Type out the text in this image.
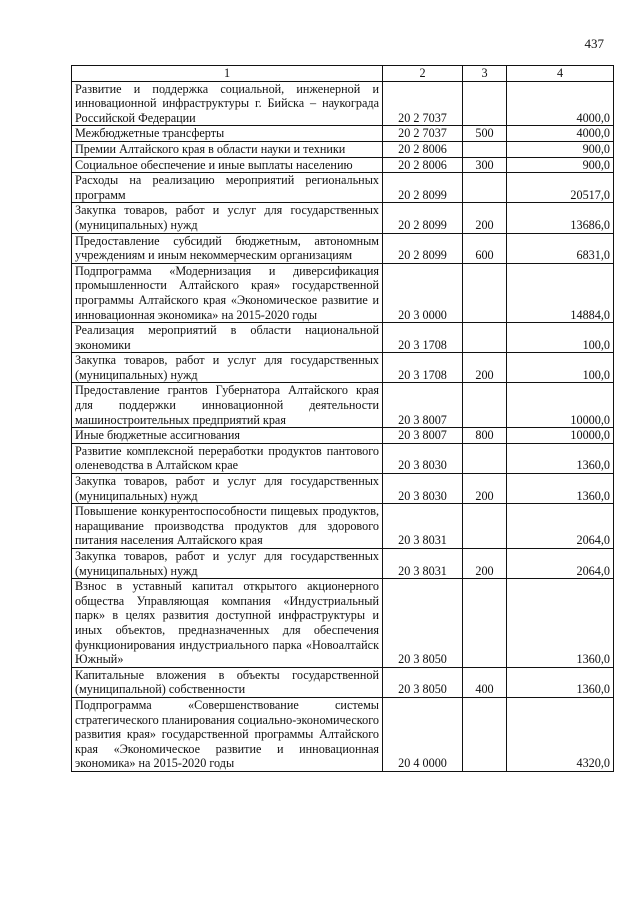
437
1	2	3	4
Развитие и поддержка социальной, инженерной и инновационной инфраструктуры г. Бийска – наукограда Российской Федерации	20 2 7037		4000,0
Межбюджетные трансферты	20 2 7037	500	4000,0
Премии Алтайского края в области науки и техники	20 2 8006		900,0
Социальное обеспечение и иные выплаты населению	20 2 8006	300	900,0
Расходы на реализацию мероприятий региональных программ	20 2 8099		20517,0
Закупка товаров, работ и услуг для государственных (муниципальных) нужд	20 2 8099	200	13686,0
Предоставление субсидий бюджетным, автономным учреждениям и иным некоммерческим организациям	20 2 8099	600	6831,0
Подпрограмма «Модернизация и диверсификация промышленности Алтайского края» государственной программы Алтайского края «Экономическое развитие и инновационная экономика» на 2015-2020 годы	20 3 0000		14884,0
Реализация мероприятий в области национальной экономики	20 3 1708		100,0
Закупка товаров, работ и услуг для государственных (муниципальных) нужд	20 3 1708	200	100,0
Предоставление грантов Губернатора Алтайского края для поддержки инновационной деятельности машиностроительных предприятий края	20 3 8007		10000,0
Иные бюджетные ассигнования	20 3 8007	800	10000,0
Развитие комплексной переработки продуктов пантового оленеводства в Алтайском крае	20 3 8030		1360,0
Закупка товаров, работ и услуг для государственных (муниципальных) нужд	20 3 8030	200	1360,0
Повышение конкурентоспособности пищевых продуктов, наращивание производства продуктов для здорового питания населения Алтайского края	20 3 8031		2064,0
Закупка товаров, работ и услуг для государственных (муниципальных) нужд	20 3 8031	200	2064,0
Взнос в уставный капитал открытого акционерного общества Управляющая компания «Индустриальный парк» в целях развития доступной инфраструктуры и иных объектов, предназначенных для обеспечения функционирования индустриального парка «Новоалтайск Южный»	20 3 8050		1360,0
Капитальные вложения в объекты государственной (муниципальной) собственности	20 3 8050	400	1360,0
Подпрограмма «Совершенствование системы стратегического планирования социально-экономического развития края» государственной программы Алтайского края «Экономическое развитие и инновационная экономика» на 2015-2020 годы	20 4 0000		4320,0
